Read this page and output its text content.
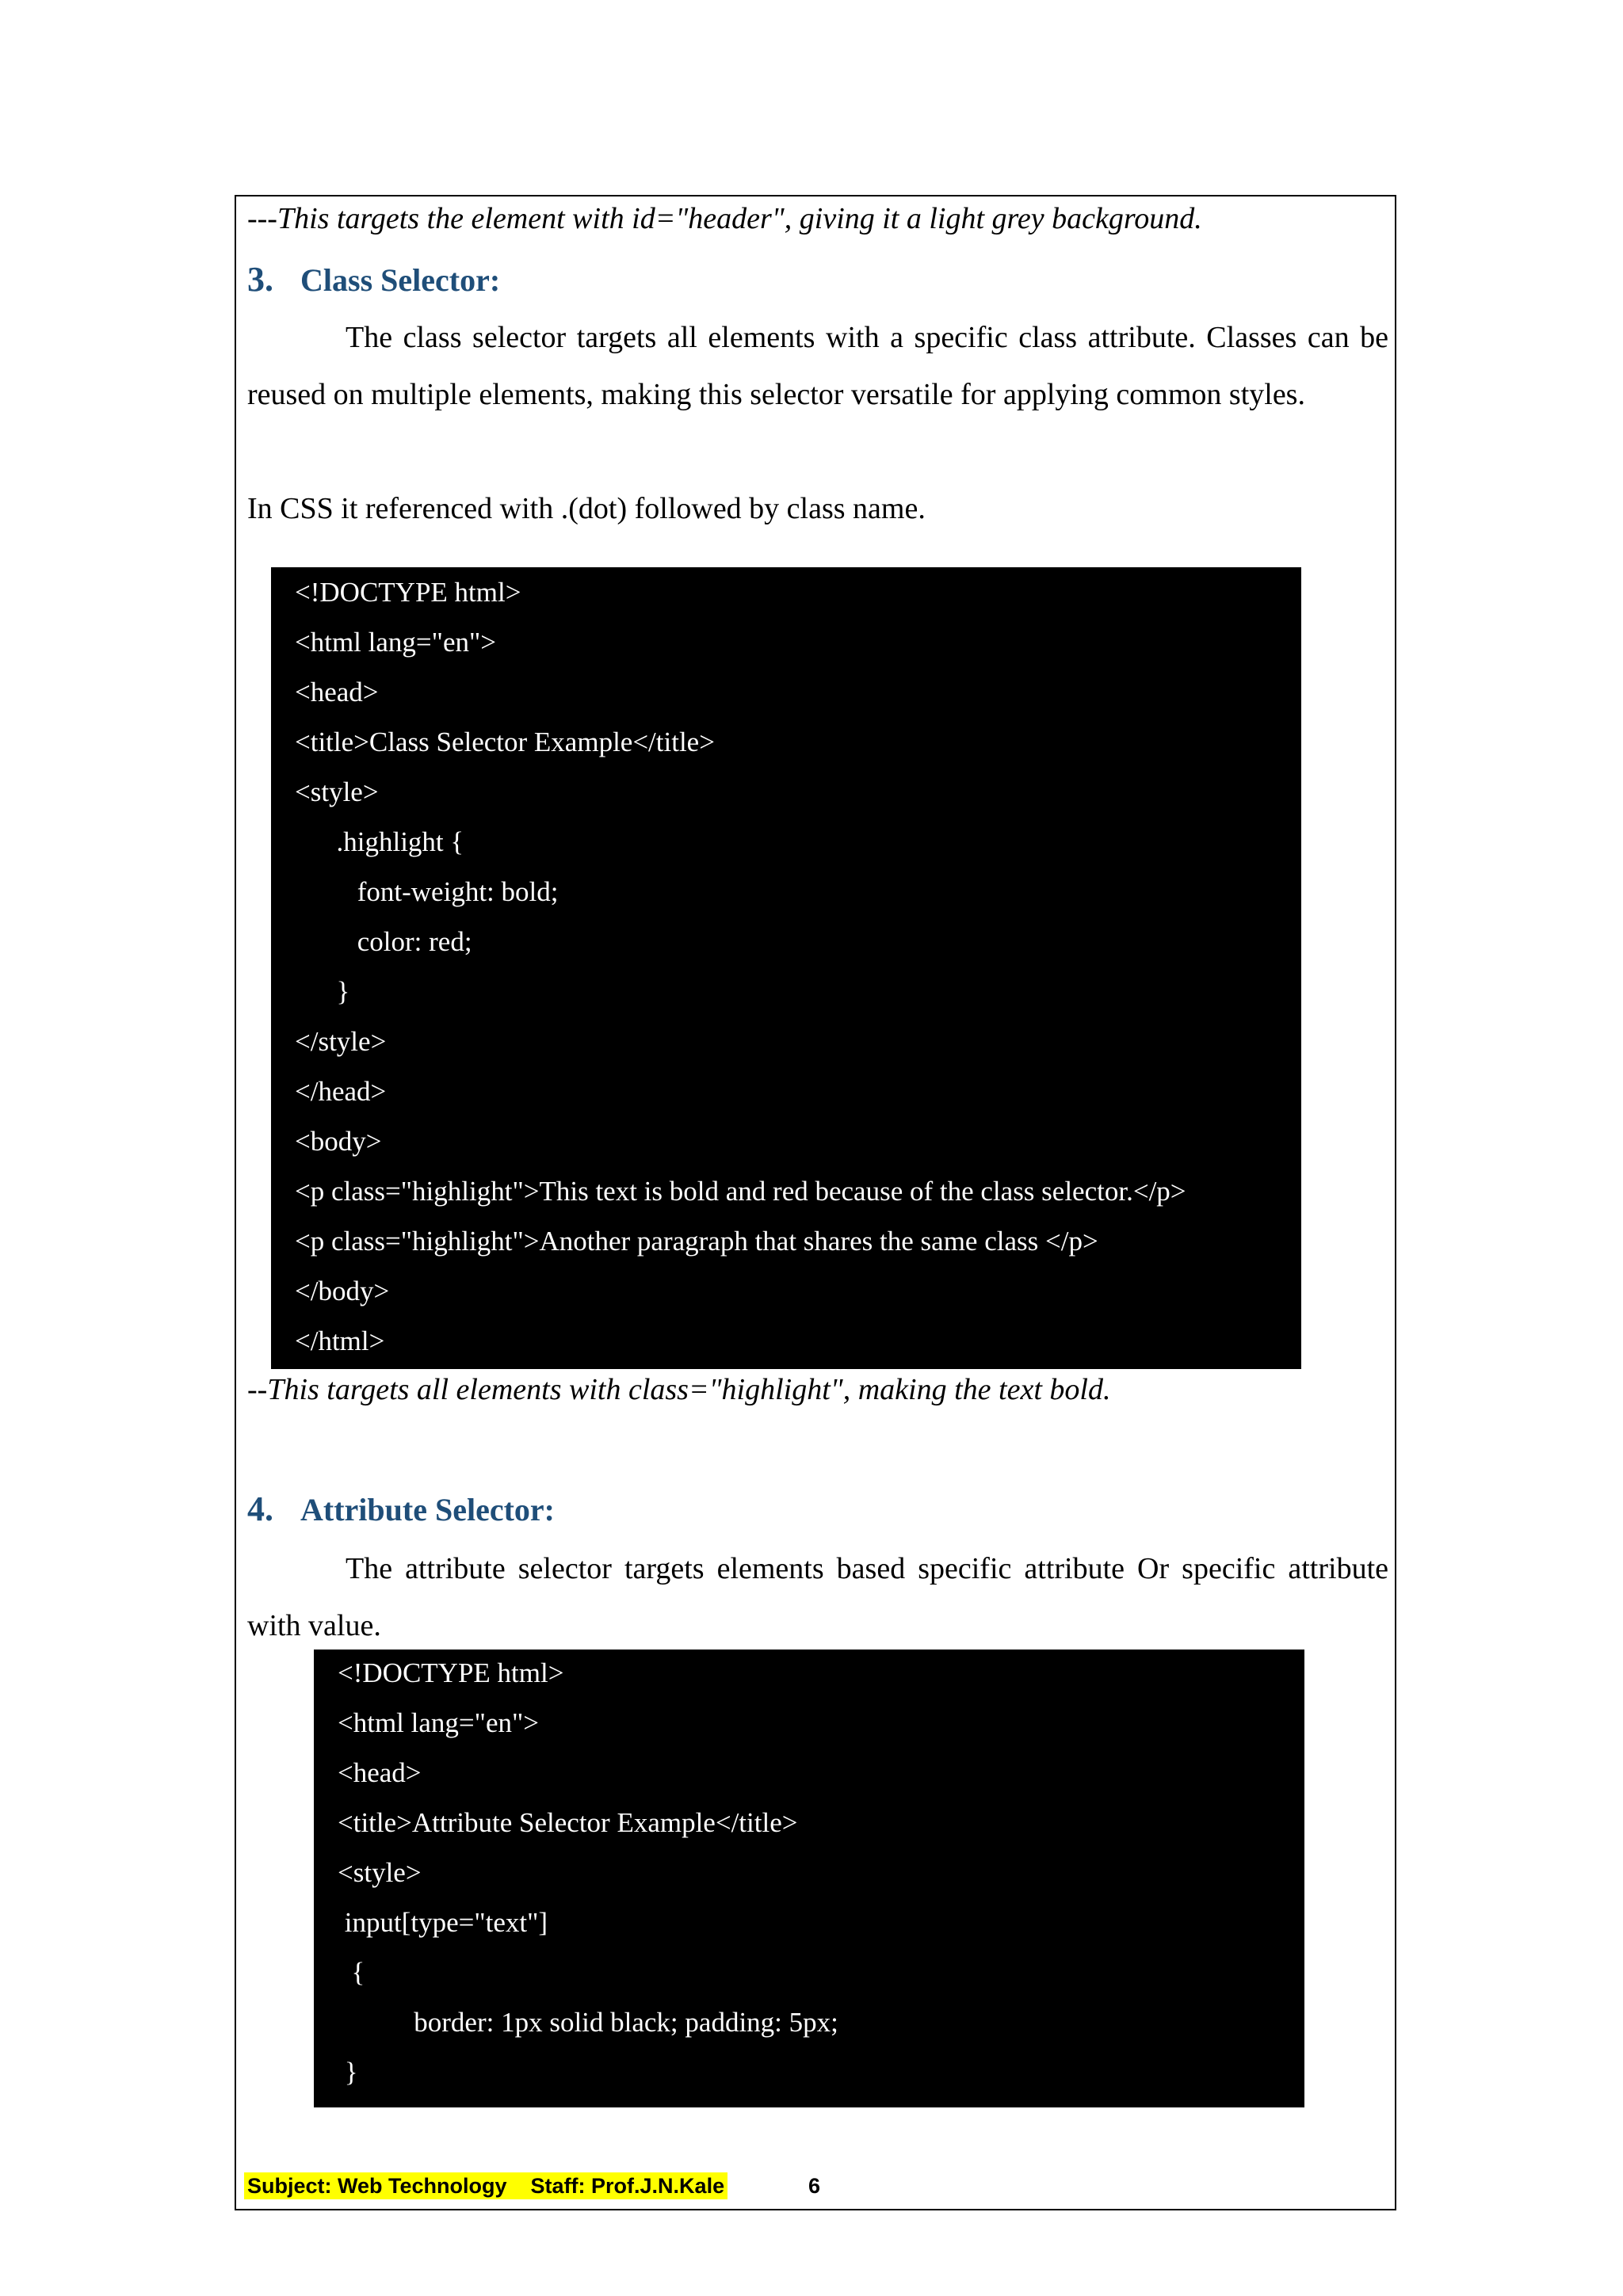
---This targets the element with id="header", giving it a light grey background.

3. Class Selector:

The class selector targets all elements with a specific class attribute. Classes can be reused on multiple elements, making this selector versatile for applying common styles.

In CSS it referenced with .(dot) followed by class name.

<!DOCTYPE html>
<html lang="en">
<head>
<title>Class Selector Example</title>
<style>
.highlight {
font-weight: bold;
color: red;
}
</style>
</head>
<body>
<p class="highlight">This text is bold and red because of the class selector.</p>
<p class="highlight">Another paragraph that shares the same class </p>
</body>
</html>

--This targets all elements with class="highlight", making the text bold.

4. Attribute Selector:

The attribute selector targets elements based specific attribute Or specific attribute with value.

<!DOCTYPE html>
<html lang="en">
<head>
<title>Attribute Selector Example</title>
<style>
input[type="text"]
{
border: 1px solid black; padding: 5px;
}
Subject: Web Technology Staff: Prof.J.N.Kale	6
